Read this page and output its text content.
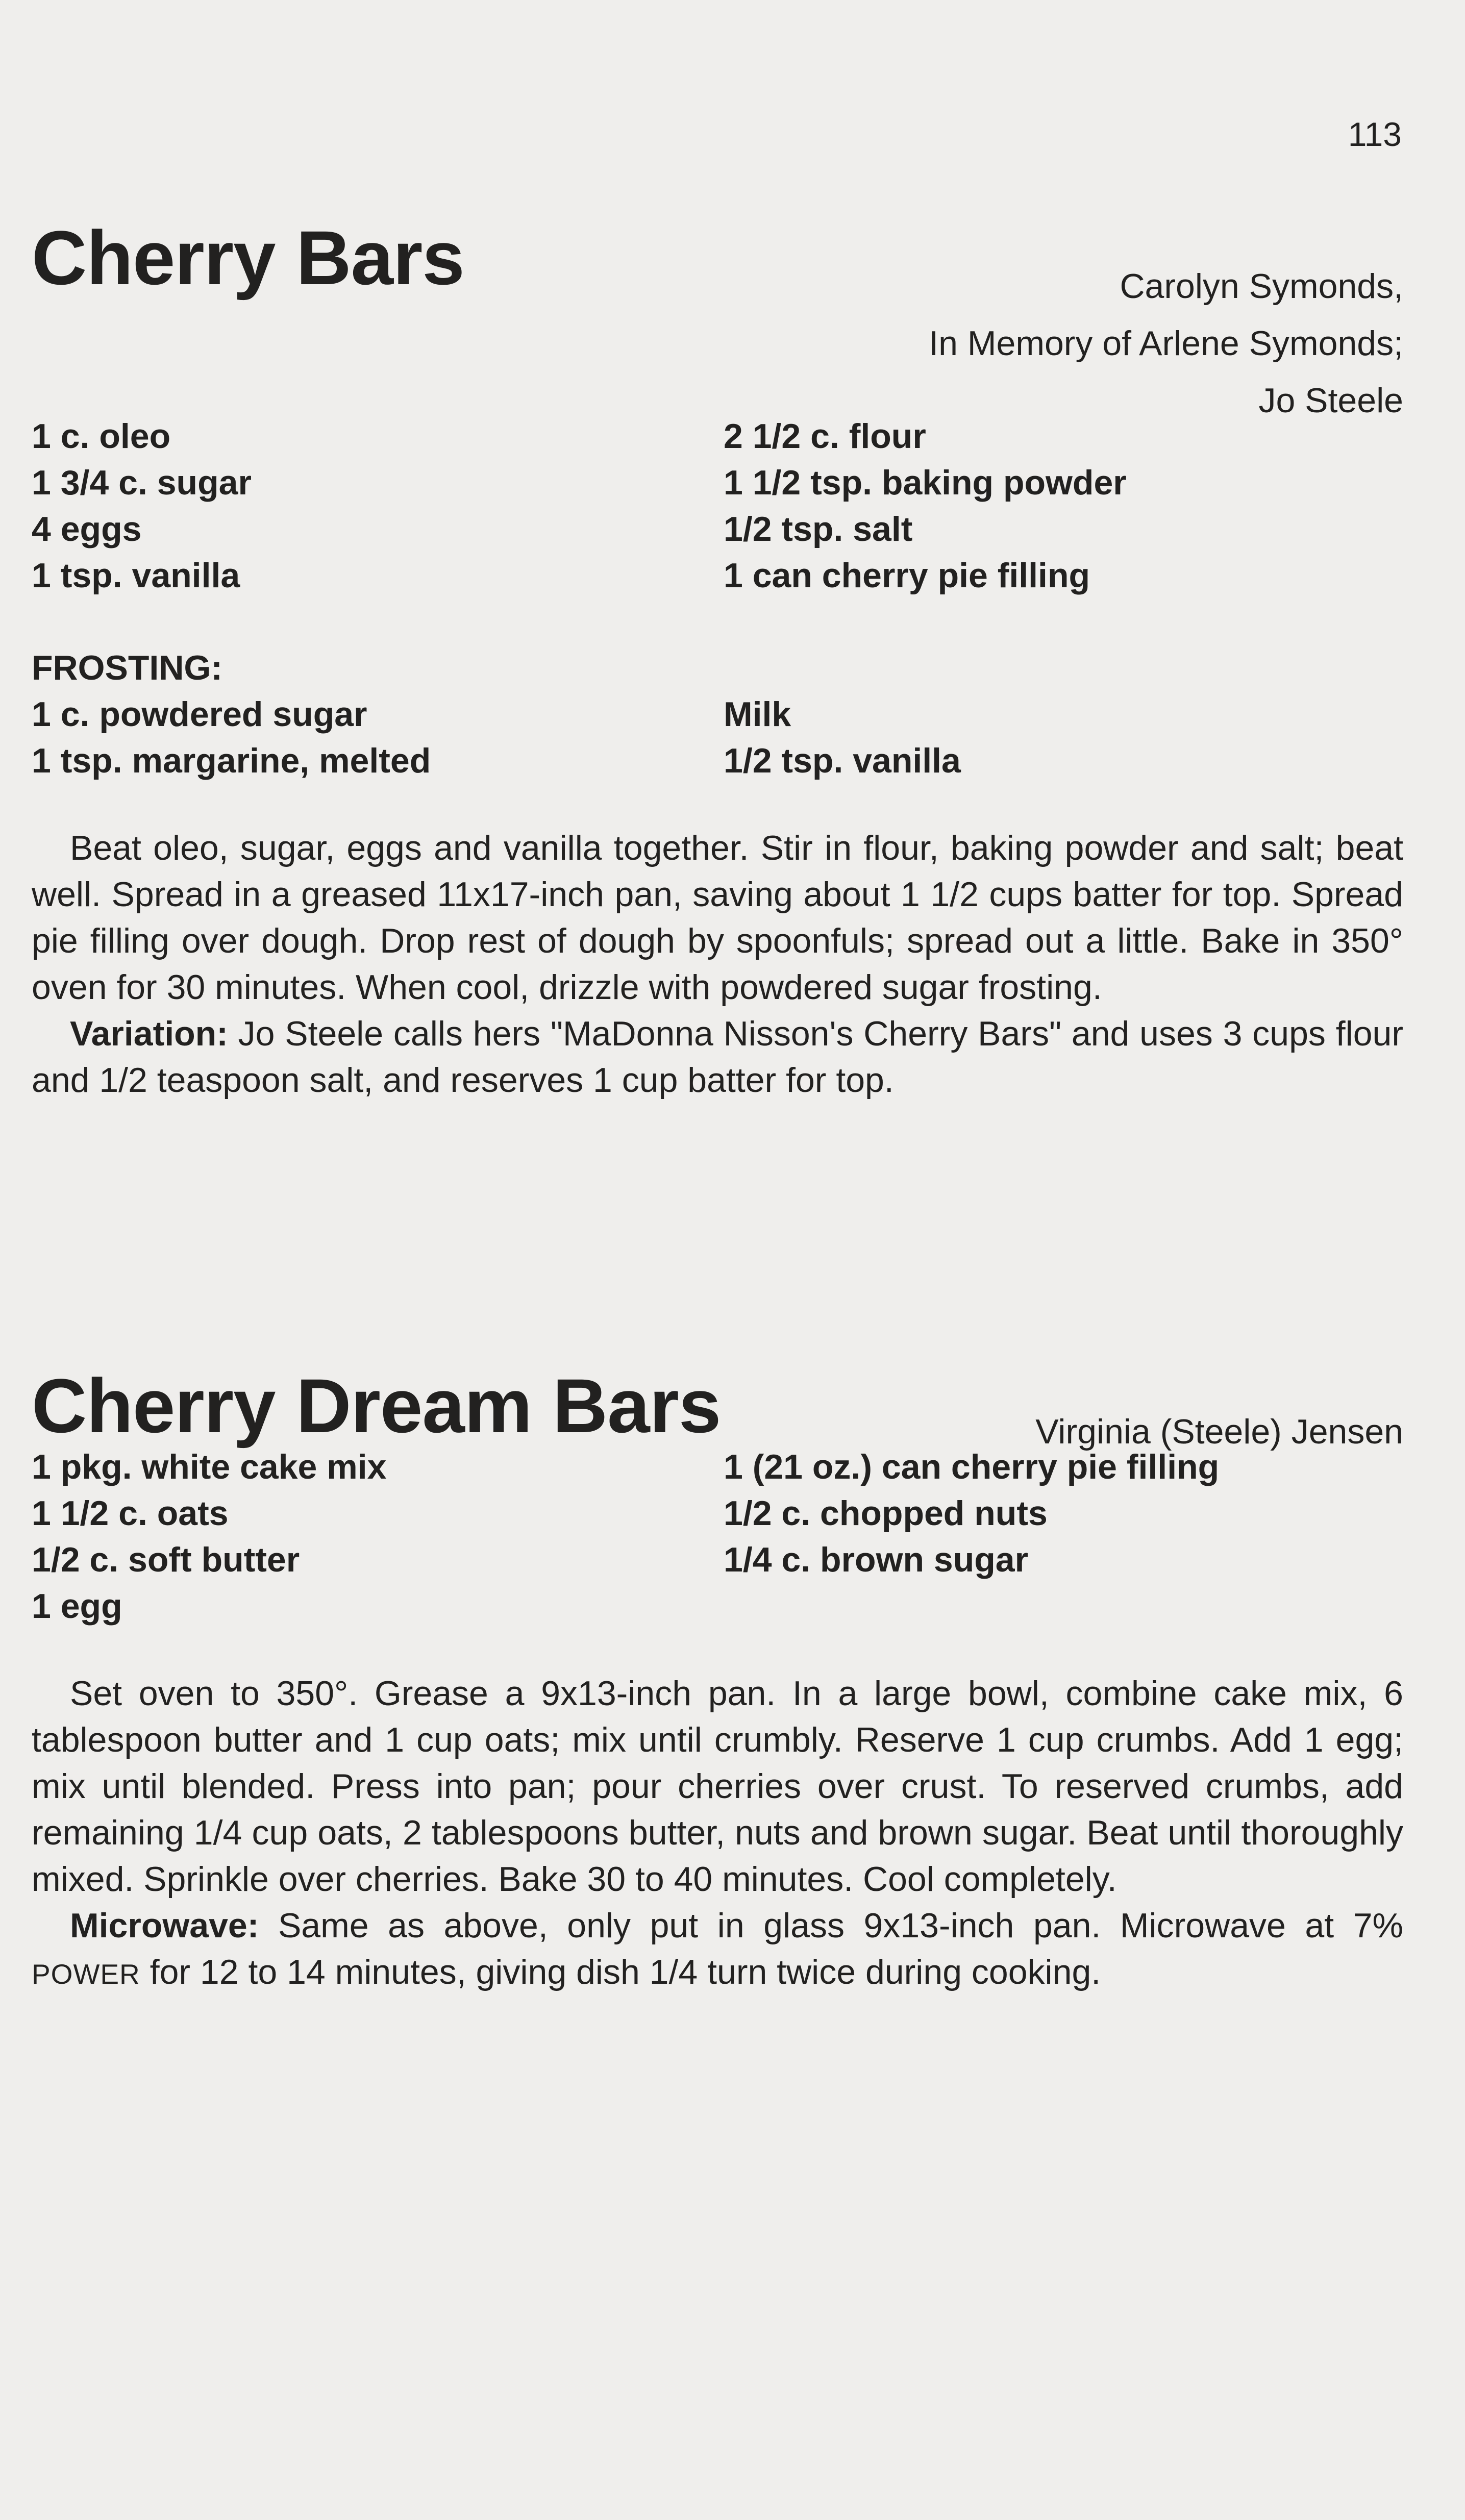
113
Cherry Bars	Carolyn Symonds,
In Memory of Arlene Symonds;
Jo Steele
1 c. oleo
1 3/4 c. sugar
4 eggs
1 tsp. vanilla
2 1/2 c. flour
1 1/2 tsp. baking powder
1/2 tsp. salt
1 can cherry pie filling
FROSTING:
1 c. powdered sugar
1 tsp. margarine, melted
Milk
1/2 tsp. vanilla

Beat oleo, sugar, eggs and vanilla together. Stir in flour, baking powder and salt; beat well. Spread in a greased 11x17-inch pan, saving about 1 1/2 cups batter for top. Spread pie filling over dough. Drop rest of dough by spoonfuls; spread out a little. Bake in 350° oven for 30 minutes. When cool, drizzle with powdered sugar frosting.

Variation: Jo Steele calls hers "MaDonna Nisson's Cherry Bars" and uses 3 cups flour and 1/2 teaspoon salt, and reserves 1 cup batter for top.

Cherry Dream Bars	Virginia (Steele) Jensen
1 pkg. white cake mix
1 1/2 c. oats
1/2 c. soft butter
1 egg
1 (21 oz.) can cherry pie filling
1/2 c. chopped nuts
1/4 c. brown sugar

Set oven to 350°. Grease a 9x13-inch pan. In a large bowl, combine cake mix, 6 tablespoon butter and 1 cup oats; mix until crumbly. Reserve 1 cup crumbs. Add 1 egg; mix until blended. Press into pan; pour cherries over crust. To reserved crumbs, add remaining 1/4 cup oats, 2 tablespoons butter, nuts and brown sugar. Beat until thoroughly mixed. Sprinkle over cherries. Bake 30 to 40 minutes. Cool completely.

Microwave: Same as above, only put in glass 9x13-inch pan. Microwave at 7% POWER for 12 to 14 minutes, giving dish 1/4 turn twice during cooking.
